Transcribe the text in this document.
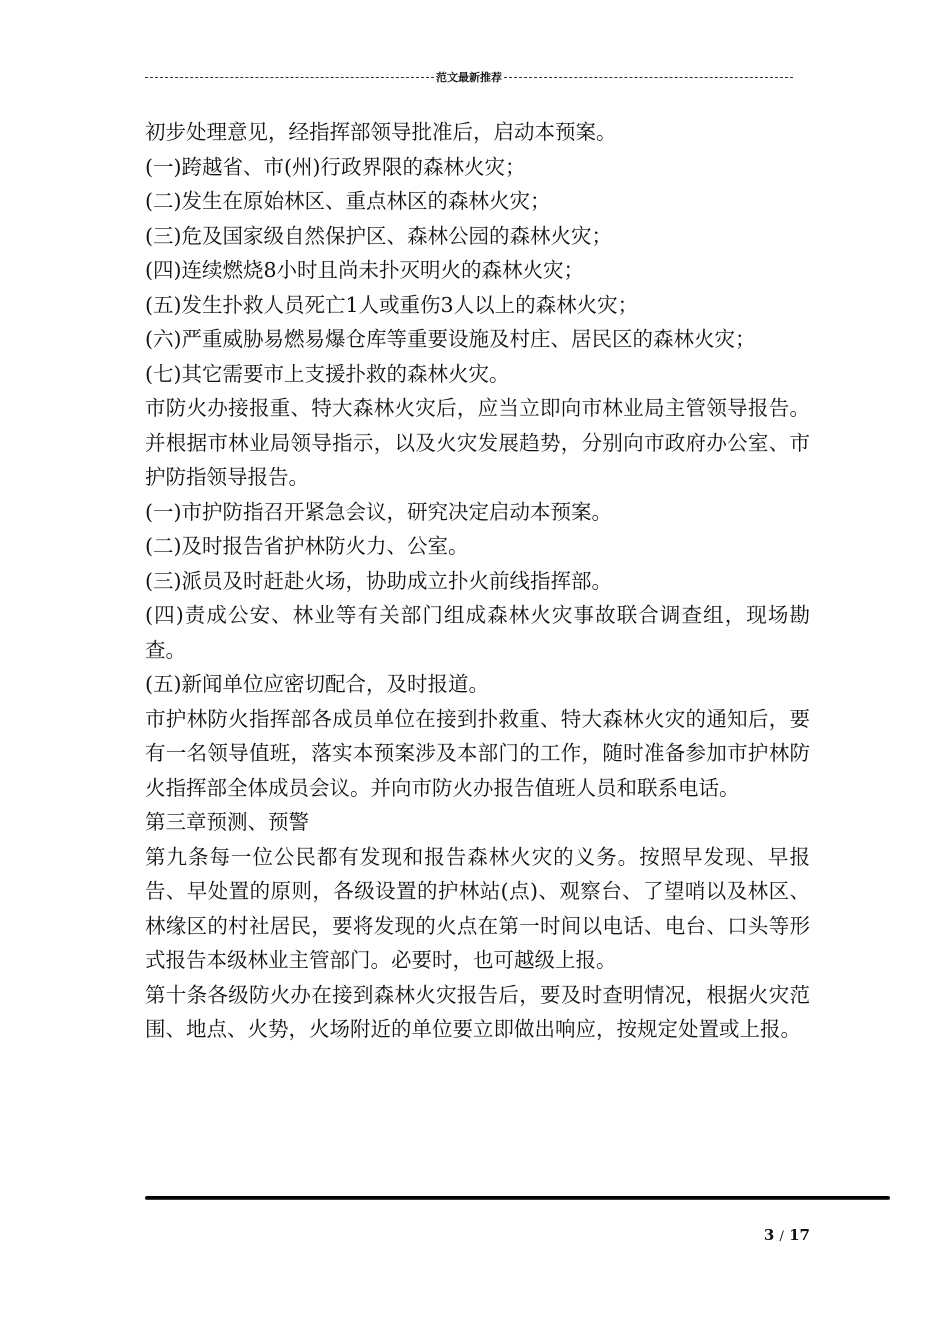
范文最新推荐

初步处理意见，经指挥部领导批准后，启动本预案。

(一)跨越省、市(州)行政界限的森林火灾；

(二)发生在原始林区、重点林区的森林火灾；

(三)危及国家级自然保护区、森林公园的森林火灾；

(四)连续燃烧8小时且尚未扑灭明火的森林火灾；

(五)发生扑救人员死亡1人或重伤3人以上的森林火灾；

(六)严重威胁易燃易爆仓库等重要设施及村庄、居民区的森林火灾；

(七)其它需要市上支援扑救的森林火灾。

市防火办接报重、特大森林火灾后，应当立即向市林业局主管领导报告。并根据市林业局领导指示，以及火灾发展趋势，分别向市政府办公室、市护防指领导报告。

(一)市护防指召开紧急会议，研究决定启动本预案。

(二)及时报告省护林防火力、公室。

(三)派员及时赶赴火场，协助成立扑火前线指挥部。

(四)责成公安、林业等有关部门组成森林火灾事故联合调查组，现场勘查。

(五)新闻单位应密切配合，及时报道。

市护林防火指挥部各成员单位在接到扑救重、特大森林火灾的通知后，要有一名领导值班，落实本预案涉及本部门的工作，随时准备参加市护林防火指挥部全体成员会议。并向市防火办报告值班人员和联系电话。

第三章预测、预警

第九条每一位公民都有发现和报告森林火灾的义务。按照早发现、早报告、早处置的原则，各级设置的护林站(点)、观察台、了望哨以及林区、林缘区的村社居民，要将发现的火点在第一时间以电话、电台、口头等形式报告本级林业主管部门。必要时，也可越级上报。

第十条各级防火办在接到森林火灾报告后，要及时查明情况，根据火灾范围、地点、火势，火场附近的单位要立即做出响应，按规定处置或上报。

3 / 17
